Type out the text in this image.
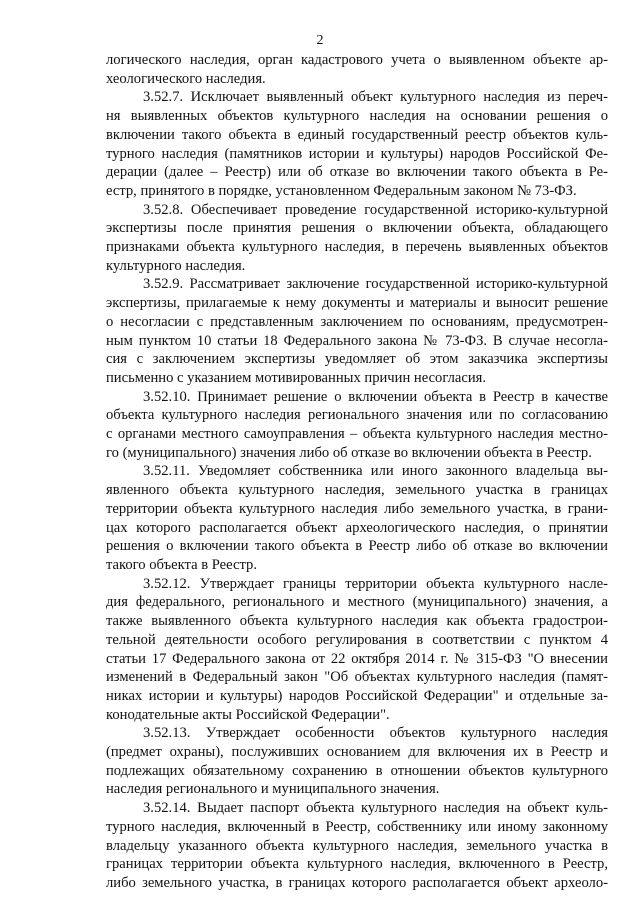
2
логического наследия, орган кадастрового учета о выявленном объекте ар-
хеологического наследия.
3.52.7. Исключает выявленный объект культурного наследия из переч-
ня выявленных объектов культурного наследия на основании решения о
включении такого объекта в единый государственный реестр объектов куль-
турного наследия (памятников истории и культуры) народов Российской Фе-
дерации (далее – Реестр) или об отказе во включении такого объекта в Ре-
естр, принятого в порядке, установленном Федеральным законом № 73-ФЗ.
3.52.8. Обеспечивает проведение государственной историко-культурной
экспертизы после принятия решения о включении объекта, обладающего
признаками объекта культурного наследия, в перечень выявленных объектов
культурного наследия.
3.52.9. Рассматривает заключение государственной историко-культурной
экспертизы, прилагаемые к нему документы и материалы и выносит решение
о несогласии с представленным заключением по основаниям, предусмотрен-
ным пунктом 10 статьи 18 Федерального закона № 73-ФЗ. В случае несогла-
сия с заключением экспертизы уведомляет об этом заказчика экспертизы
письменно с указанием мотивированных причин несогласия.
3.52.10. Принимает решение о включении объекта в Реестр в качестве
объекта культурного наследия регионального значения или по согласованию
с органами местного самоуправления – объекта культурного наследия местно-
го (муниципального) значения либо об отказе во включении объекта в Реестр.
3.52.11. Уведомляет собственника или иного законного владельца вы-
явленного объекта культурного наследия, земельного участка в границах
территории объекта культурного наследия либо земельного участка, в грани-
цах которого располагается объект археологического наследия, о принятии
решения о включении такого объекта в Реестр либо об отказе во включении
такого объекта в Реестр.
3.52.12. Утверждает границы территории объекта культурного насле-
дия федерального, регионального и местного (муниципального) значения, а
также выявленного объекта культурного наследия как объекта градострои-
тельной деятельности особого регулирования в соответствии с пунктом 4
статьи 17 Федерального закона от 22 октября 2014 г. № 315-ФЗ "О внесении
изменений в Федеральный закон "Об объектах культурного наследия (памят-
никах истории и культуры) народов Российской Федерации" и отдельные за-
конодательные акты Российской Федерации".
3.52.13. Утверждает особенности объектов культурного наследия
(предмет охраны), послуживших основанием для включения их в Реестр и
подлежащих обязательному сохранению в отношении объектов культурного
наследия регионального и муниципального значения.
3.52.14. Выдает паспорт объекта культурного наследия на объект куль-
турного наследия, включенный в Реестр, собственнику или иному законному
владельцу указанного объекта культурного наследия, земельного участка в
границах территории объекта культурного наследия, включенного в Реестр,
либо земельного участка, в границах которого располагается объект археоло-
